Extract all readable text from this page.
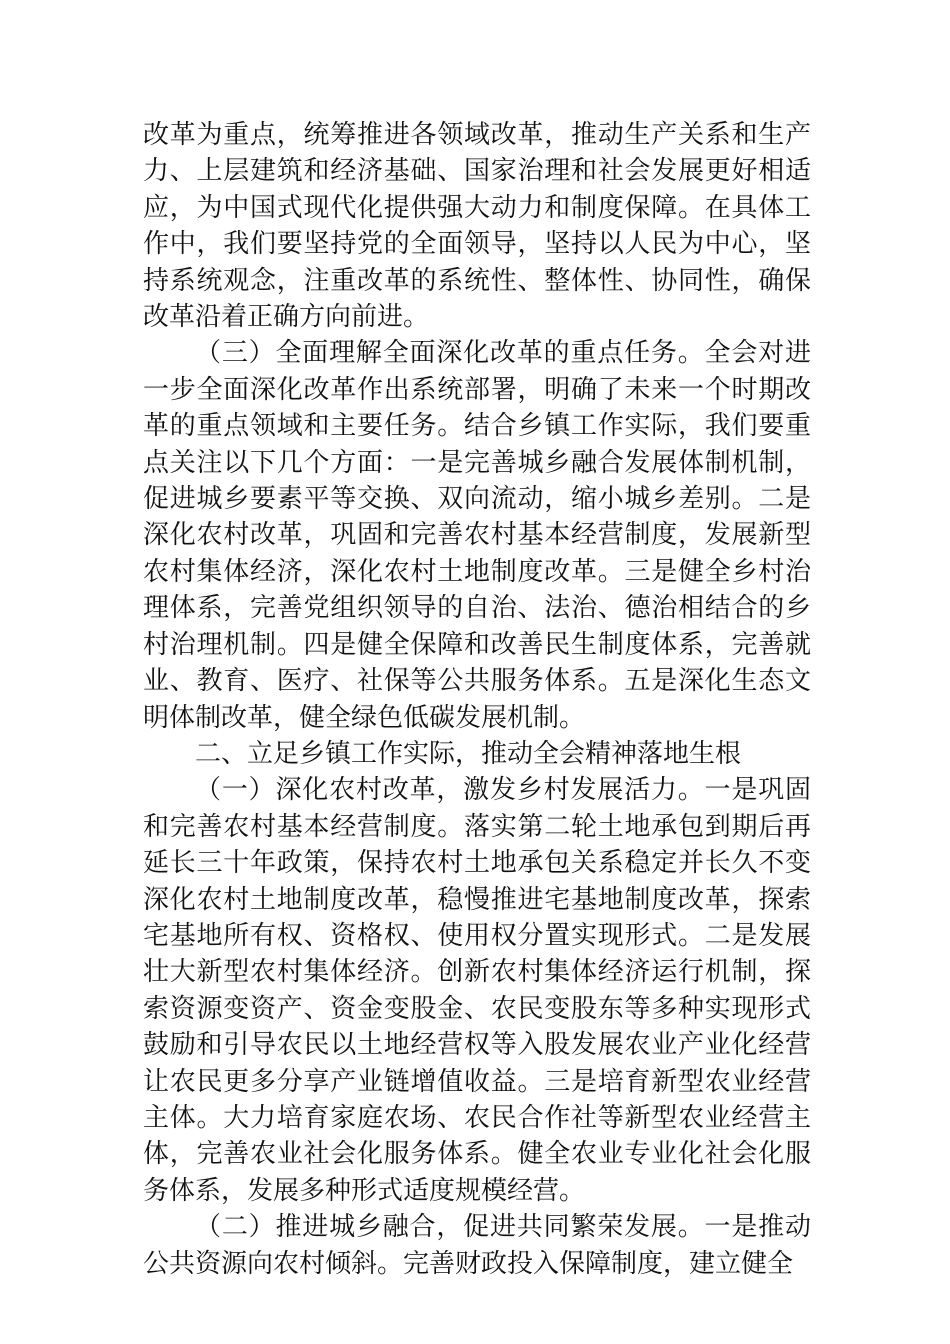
改革为重点，统筹推进各领域改革，推动生产关系和生产力、上层建筑和经济基础、国家治理和社会发展更好相适应，为中国式现代化提供强大动力和制度保障。在具体工作中，我们要坚持党的全面领导，坚持以人民为中心，坚持系统观念，注重改革的系统性、整体性、协同性，确保改革沿着正确方向前进。

（三）全面理解全面深化改革的重点任务。全会对进一步全面深化改革作出系统部署，明确了未来一个时期改革的重点领域和主要任务。结合乡镇工作实际，我们要重点关注以下几个方面：一是完善城乡融合发展体制机制，促进城乡要素平等交换、双向流动，缩小城乡差别。二是深化农村改革，巩固和完善农村基本经营制度，发展新型农村集体经济，深化农村土地制度改革。三是健全乡村治理体系，完善党组织领导的自治、法治、德治相结合的乡村治理机制。四是健全保障和改善民生制度体系，完善就业、教育、医疗、社保等公共服务体系。五是深化生态文明体制改革，健全绿色低碳发展机制。

二、立足乡镇工作实际，推动全会精神落地生根

（一）深化农村改革，激发乡村发展活力。一是巩固和完善农村基本经营制度。落实第二轮土地承包到期后再延长三十年政策，保持农村土地承包关系稳定并长久不变深化农村土地制度改革，稳慢推进宅基地制度改革，探索宅基地所有权、资格权、使用权分置实现形式。二是发展壮大新型农村集体经济。创新农村集体经济运行机制，探索资源变资产、资金变股金、农民变股东等多种实现形式鼓励和引导农民以土地经营权等入股发展农业产业化经营让农民更多分享产业链增值收益。三是培育新型农业经营主体。大力培育家庭农场、农民合作社等新型农业经营主体，完善农业社会化服务体系。健全农业专业化社会化服务体系，发展多种形式适度规模经营。

（二）推进城乡融合，促进共同繁荣发展。一是推动公共资源向农村倾斜。完善财政投入保障制度，建立健全
